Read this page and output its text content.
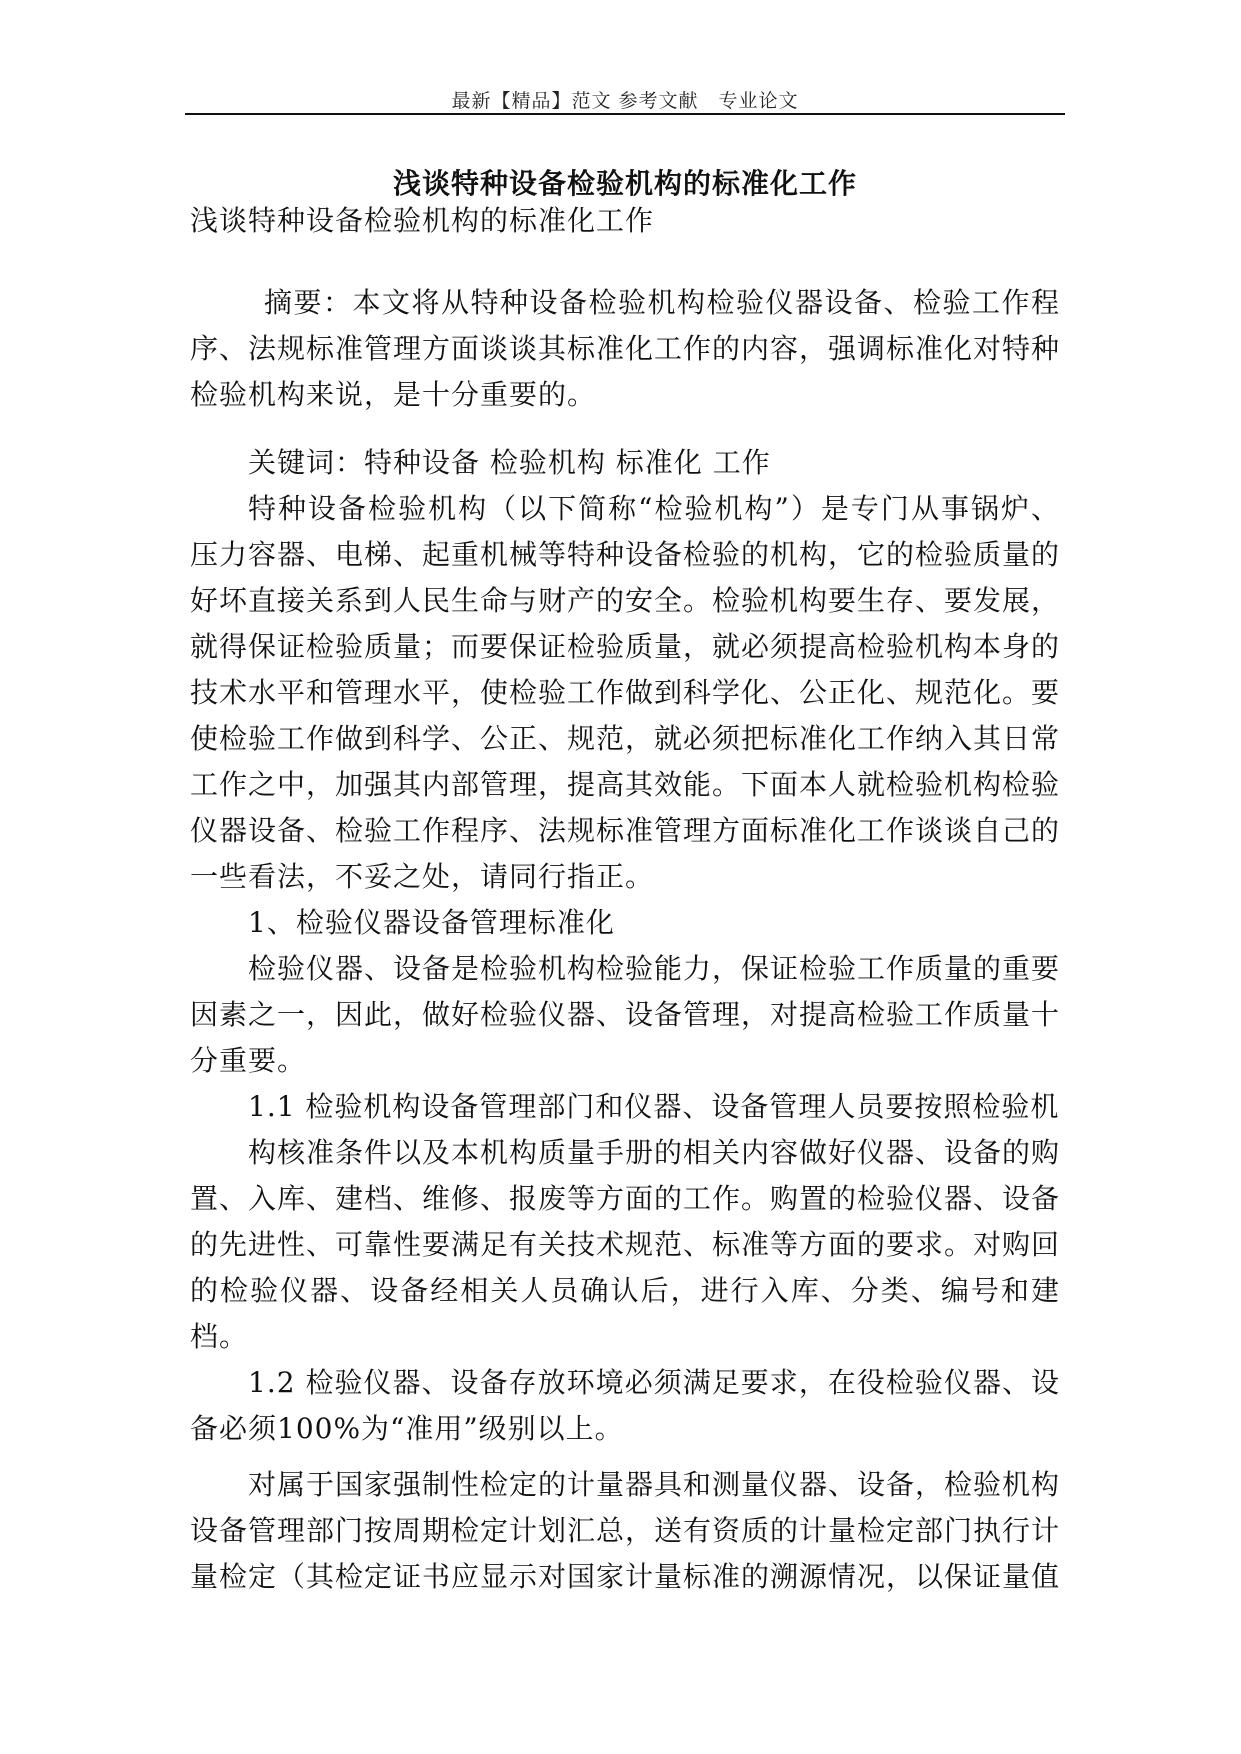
最新【精品】范文 参考文献　专业论文
浅谈特种设备检验机构的标准化工作

浅谈特种设备检验机构的标准化工作

摘要：本文将从特种设备检验机构检验仪器设备、检验工作程序、法规标准管理方面谈谈其标准化工作的内容，强调标准化对特种检验机构来说，是十分重要的。

关键词：特种设备 检验机构 标准化 工作

特种设备检验机构（以下简称“检验机构”）是专门从事锅炉、压力容器、电梯、起重机械等特种设备检验的机构，它的检验质量的好坏直接关系到人民生命与财产的安全。检验机构要生存、要发展，就得保证检验质量；而要保证检验质量，就必须提高检验机构本身的技术水平和管理水平，使检验工作做到科学化、公正化、规范化。要使检验工作做到科学、公正、规范，就必须把标准化工作纳入其日常工作之中，加强其内部管理，提高其效能。下面本人就检验机构检验仪器设备、检验工作程序、法规标准管理方面标准化工作谈谈自己的一些看法，不妥之处，请同行指正。

1、检验仪器设备管理标准化

检验仪器、设备是检验机构检验能力，保证检验工作质量的重要因素之一，因此，做好检验仪器、设备管理，对提高检验工作质量十分重要。

1.1 检验机构设备管理部门和仪器、设备管理人员要按照检验机

构核准条件以及本机构质量手册的相关内容做好仪器、设备的购置、入库、建档、维修、报废等方面的工作。购置的检验仪器、设备的先进性、可靠性要满足有关技术规范、标准等方面的要求。对购回的检验仪器、设备经相关人员确认后，进行入库、分类、编号和建档。

1.2 检验仪器、设备存放环境必须满足要求，在役检验仪器、设备必须100%为“准用”级别以上。

对属于国家强制性检定的计量器具和测量仪器、设备，检验机构设备管理部门按周期检定计划汇总，送有资质的计量检定部门执行计量检定（其检定证书应显示对国家计量标准的溯源情况，以保证量值
